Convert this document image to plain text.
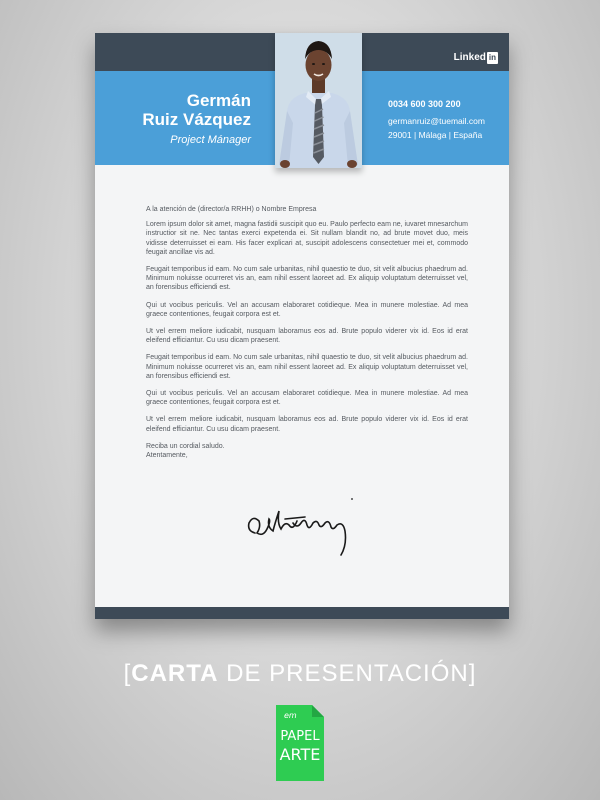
Linked in
Germán
Ruiz Vázquez
Project Mánager
0034 600 300 200
germanruiz@tuemail.com
29001 | Málaga | España

A la atención de (director/a RRHH) o Nombre Empresa

Lorem ipsum dolor sit amet, magna fastidii suscipit quo eu. Paulo perfecto eam ne, iuvaret mnesarchum instructior sit ne. Nec tantas exerci expetenda ei. Sit nullam blandit no, ad brute movet duo, meis vidisse deterruisset ei eam. His facer explicari at, suscipit adolescens consectetuer mei et, commodo feugait ancillae vis ad.

Feugait temporibus id eam. No cum sale urbanitas, nihil quaestio te duo, sit velit albucius phaedrum ad. Minimum noluisse ocurreret vis an, eam nihil essent laoreet ad. Ex aliquip voluptatum deterruisset vel, an forensibus efficiendi est.

Qui ut vocibus periculis. Vel an accusam elaboraret cotidieque. Mea in munere molestiae. Ad mea graece contentiones, feugait corpora est et.

Ut vel errem meliore iudicabit, nusquam laboramus eos ad. Brute populo viderer vix id. Eos id erat eleifend efficiantur. Cu usu dicam praesent.

Feugait temporibus id eam. No cum sale urbanitas, nihil quaestio te duo, sit velit albucius phaedrum ad. Minimum noluisse ocurreret vis an, eam nihil essent laoreet ad. Ex aliquip voluptatum deterruisset vel, an forensibus efficiendi est.

Qui ut vocibus periculis. Vel an accusam elaboraret cotidieque. Mea in munere molestiae. Ad mea graece contentiones, feugait corpora est et.

Ut vel errem meliore iudicabit, nusquam laboramus eos ad. Brute populo viderer vix id. Eos id erat eleifend efficiantur. Cu usu dicam praesent.

Reciba un cordial saludo.
Atentamente,
[CARTA DE PRESENTACIÓN]
em
PAPEL
ARTE
